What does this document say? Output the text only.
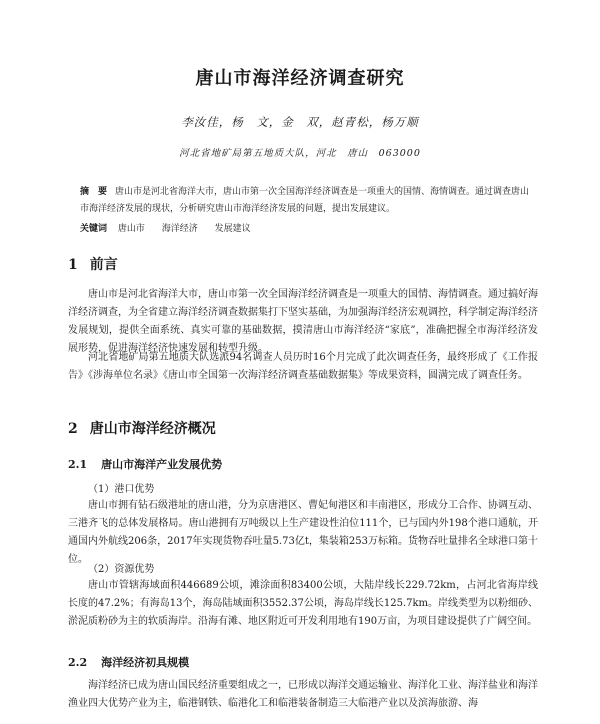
唐山市海洋经济调查研究
李汝佳，杨　文，金　双，赵青松，杨万顺
河北省地矿局第五地质大队，河北　唐山　063000
摘　要 唐山市是河北省海洋大市，唐山市第一次全国海洋经济调查是一项重大的国情、海情调查。通过调查唐山市海洋经济发展的现状，分析研究唐山市海洋经济发展的问题，提出发展建议。
关键词 唐山市 海洋经济 发展建议
1 前言
唐山市是河北省海洋大市，唐山市第一次全国海洋经济调查是一项重大的国情、海情调查。通过搞好海洋经济调查，为全省建立海洋经济调查数据集打下坚实基础，为加强海洋经济宏观调控，科学制定海洋经济发展规划，提供全面系统、真实可靠的基础数据，摸清唐山市海洋经济“家底”，准确把握全市海洋经济发展形势，促进海洋经济快速发展和转型升级。
河北省地矿局第五地质大队选派94名调查人员历时16个月完成了此次调查任务，最终形成了《工作报告》《涉海单位名录》《唐山市全国第一次海洋经济调查基础数据集》等成果资料，圆满完成了调查任务。
2 唐山市海洋经济概况
2.1 唐山市海洋产业发展优势
（1）港口优势
唐山市拥有钻石级港址的唐山港，分为京唐港区、曹妃甸港区和丰南港区，形成分工合作、协调互动、三港齐飞的总体发展格局。唐山港拥有万吨级以上生产建设性泊位111个，已与国内外198个港口通航，开通国内外航线206条，2017年实现货物吞吐量5.73亿t，集装箱253万标箱。货物吞吐量排名全球港口第十位。
（2）资源优势
唐山市管辖海域面积446689公顷，滩涂面积83400公顷，大陆岸线长229.72km，占河北省海岸线长度的47.2%；有海岛13个，海岛陆域面积3552.37公顷，海岛岸线长125.7km。岸线类型为以粉细砂、淤泥质粉砂为主的软质海岸。沿海有滩、地区附近可开发利用地有190万亩，为项目建设提供了广阔空间。
2.2 海洋经济初具规模
海洋经济已成为唐山国民经济重要组成之一，已形成以海洋交通运输业、海洋化工业、海洋盐业和海洋渔业四大优势产业为主，临港钢铁、临港化工和临港装备制造三大临港产业以及滨海旅游、海
